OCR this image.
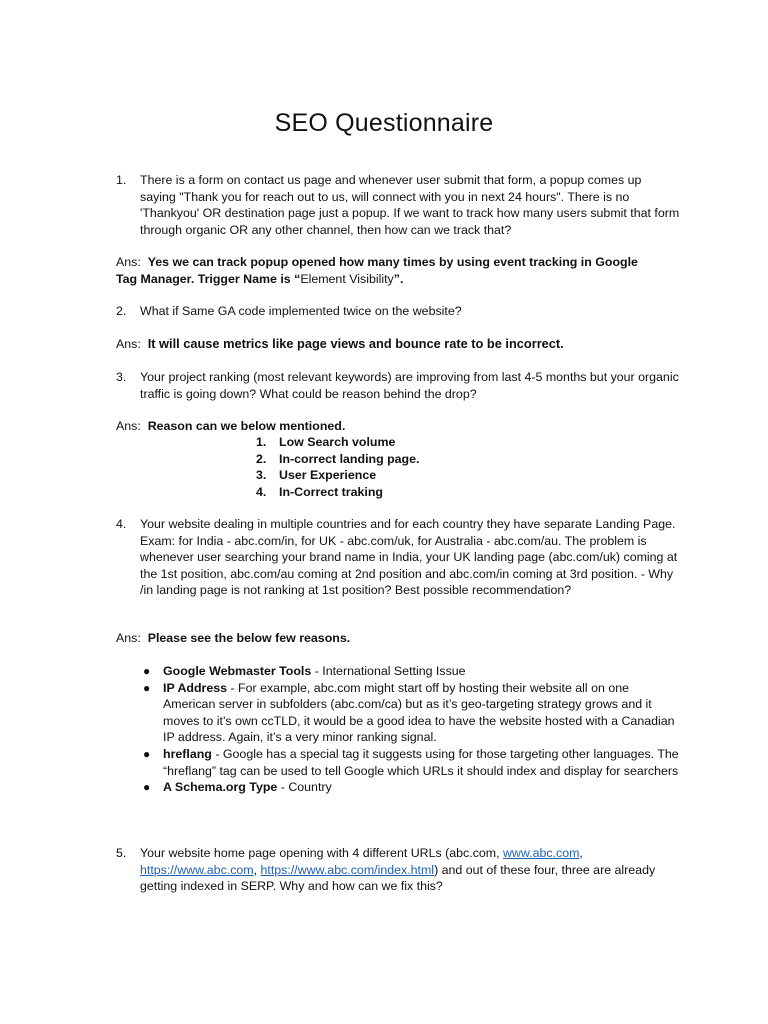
SEO Questionnaire
1. There is a form on contact us page and whenever user submit that form, a popup comes up saying "Thank you for reach out to us, will connect with you in next 24 hours". There is no 'Thankyou' OR destination page just a popup. If we want to track how many users submit that form through organic OR any other channel, then how can we track that?
Ans: Yes we can track popup opened how many times by using event tracking in Google Tag Manager. Trigger Name is “Element Visibility”.
2. What if Same GA code implemented twice on the website?
Ans: It will cause metrics like page views and bounce rate to be incorrect.
3. Your project ranking (most relevant keywords) are improving from last 4-5 months but your organic traffic is going down? What could be reason behind the drop?
Ans: Reason can we below mentioned.
1. Low Search volume
2. In-correct landing page.
3. User Experience
4. In-Correct traking
4. Your website dealing in multiple countries and for each country they have separate Landing Page. Exam: for India - abc.com/in, for UK - abc.com/uk, for Australia - abc.com/au. The problem is whenever user searching your brand name in India, your UK landing page (abc.com/uk) coming at the 1st position, abc.com/au coming at 2nd position and abc.com/in coming at 3rd position. - Why /in landing page is not ranking at 1st position? Best possible recommendation?
Ans: Please see the below few reasons.
● Google Webmaster Tools - International Setting Issue
● IP Address - For example, abc.com might start off by hosting their website all on one American server in subfolders (abc.com/ca) but as it’s geo-targeting strategy grows and it moves to it’s own ccTLD, it would be a good idea to have the website hosted with a Canadian IP address. Again, it’s a very minor ranking signal.
● hreflang - Google has a special tag it suggests using for those targeting other languages. The “hreflang” tag can be used to tell Google which URLs it should index and display for searchers
● A Schema.org Type - Country
5. Your website home page opening with 4 different URLs (abc.com, www.abc.com, https://www.abc.com, https://www.abc.com/index.html) and out of these four, three are already getting indexed in SERP. Why and how can we fix this?
